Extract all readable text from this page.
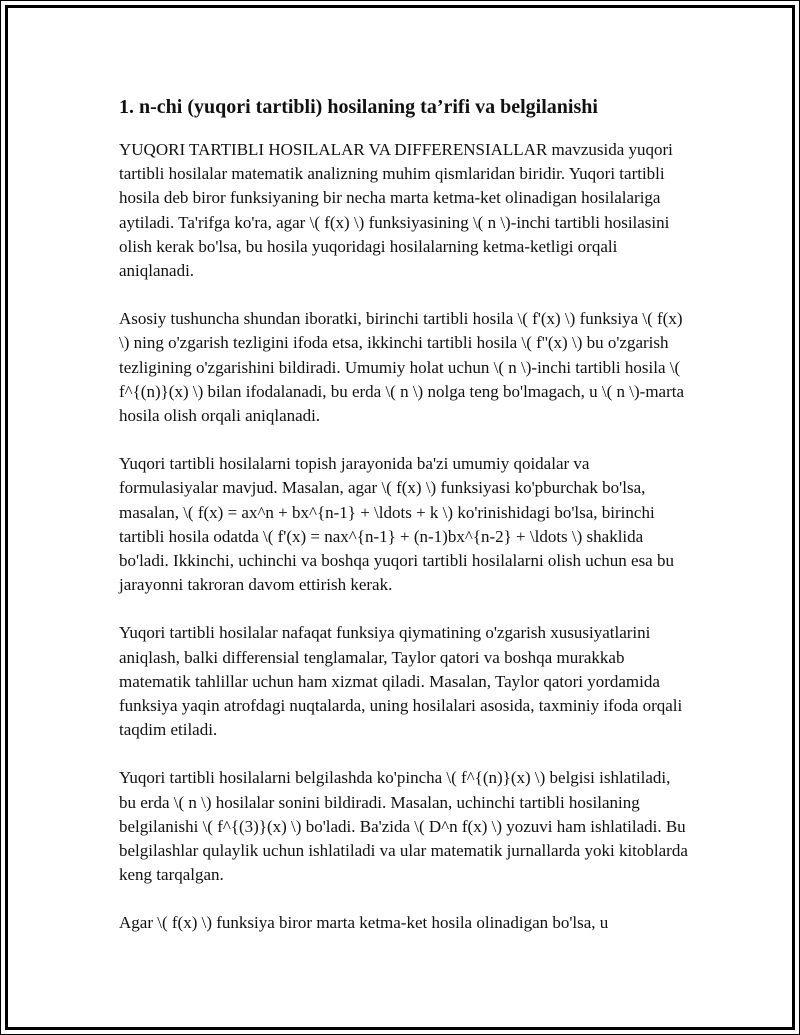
1. n-chi (yuqori tartibli) hosilaning ta’rifi va belgilanishi

YUQORI TARTIBLI HOSILALAR VA DIFFERENSIALLAR mavzusida yuqori tartibli hosilalar matematik analizning muhim qismlaridan biridir. Yuqori tartibli hosila deb biror funksiyaning bir necha marta ketma-ket olinadigan hosilalariga aytiladi. Ta'rifga ko'ra, agar \( f(x) \) funksiyasining \( n \)-inchi tartibli hosilasini olish kerak bo'lsa, bu hosila yuqoridagi hosilalarning ketma-ketligi orqali aniqlanadi.

Asosiy tushuncha shundan iboratki, birinchi tartibli hosila \( f'(x) \) funksiya \( f(x) \) ning o'zgarish tezligini ifoda etsa, ikkinchi tartibli hosila \( f''(x) \) bu o'zgarish tezligining o'zgarishini bildiradi. Umumiy holat uchun \( n \)-inchi tartibli hosila \( f^{(n)}(x) \) bilan ifodalanadi, bu erda \( n \) nolga teng bo'lmagach, u \( n \)-marta hosila olish orqali aniqlanadi.

Yuqori tartibli hosilalarni topish jarayonida ba'zi umumiy qoidalar va formulasiyalar mavjud. Masalan, agar \( f(x) \) funksiyasi ko'pburchak bo'lsa, masalan, \( f(x) = ax^n + bx^{n-1} + \ldots + k \) ko'rinishidagi bo'lsa, birinchi tartibli hosila odatda \( f'(x) = nax^{n-1} + (n-1)bx^{n-2} + \ldots \) shaklida bo'ladi. Ikkinchi, uchinchi va boshqa yuqori tartibli hosilalarni olish uchun esa bu jarayonni takroran davom ettirish kerak.

Yuqori tartibli hosilalar nafaqat funksiya qiymatining o'zgarish xususiyatlarini aniqlash, balki differensial tenglamalar, Taylor qatori va boshqa murakkab matematik tahlillar uchun ham xizmat qiladi. Masalan, Taylor qatori yordamida funksiya yaqin atrofdagi nuqtalarda, uning hosilalari asosida, taxminiy ifoda orqali taqdim etiladi.

Yuqori tartibli hosilalarni belgilashda ko'pincha \( f^{(n)}(x) \) belgisi ishlatiladi, bu erda \( n \) hosilalar sonini bildiradi. Masalan, uchinchi tartibli hosilaning belgilanishi \( f^{(3)}(x) \) bo'ladi. Ba'zida \( D^n f(x) \) yozuvi ham ishlatiladi. Bu belgilashlar qulaylik uchun ishlatiladi va ular matematik jurnallarda yoki kitoblarda keng tarqalgan.

Agar \( f(x) \) funksiya biror marta ketma-ket hosila olinadigan bo'lsa, u
